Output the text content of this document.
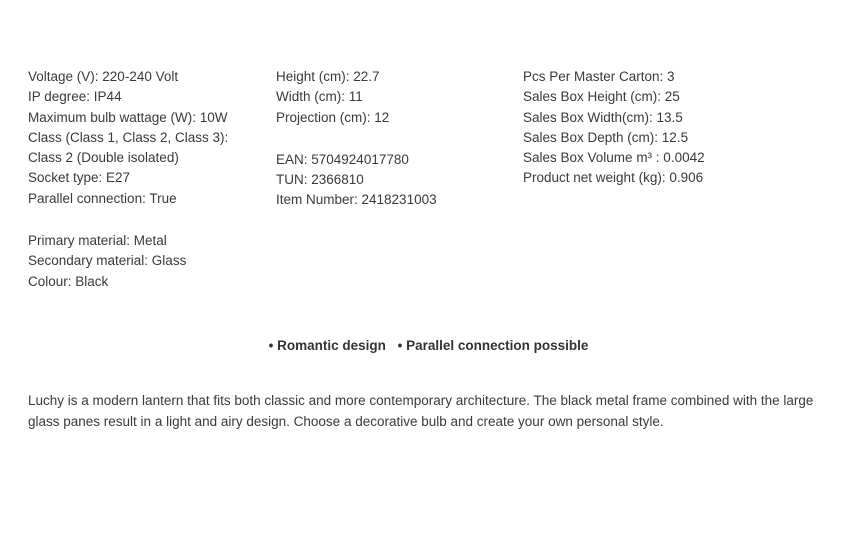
Voltage (V): 220-240 Volt
IP degree: IP44
Maximum bulb wattage (W): 10W
Class (Class 1, Class 2, Class 3):
Class 2 (Double isolated)
Socket type: E27
Parallel connection: True
Primary material: Metal
Secondary material: Glass
Colour: Black
Height (cm): 22.7
Width (cm): 11
Projection (cm): 12
EAN: 5704924017780
TUN: 2366810
Item Number: 2418231003
Pcs Per Master Carton: 3
Sales Box Height (cm): 25
Sales Box Width(cm): 13.5
Sales Box Depth (cm): 12.5
Sales Box Volume m³ : 0.0042
Product net weight (kg): 0.906
• Romantic design • Parallel connection possible
Luchy is a modern lantern that fits both classic and more contemporary architecture. The black metal frame combined with the large glass panes result in a light and airy design. Choose a decorative bulb and create your own personal style.
